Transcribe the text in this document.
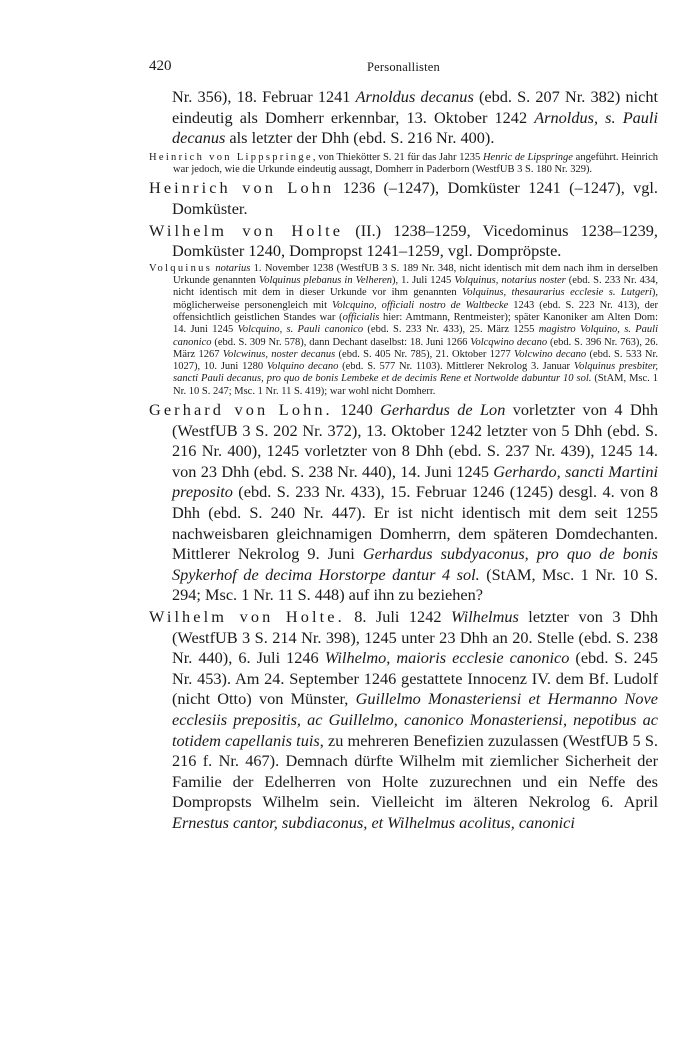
420	Personallisten

Nr. 356), 18. Februar 1241 Arnoldus decanus (ebd. S. 207 Nr. 382) nicht eindeutig als Domherr erkennbar, 13. Oktober 1242 Arnoldus, s. Pauli decanus als letzter der Dhh (ebd. S. 216 Nr. 400).

Heinrich von Lippspringe, von Thiekötter S. 21 für das Jahr 1235 Henric de Lipspringe angeführt. Heinrich war jedoch, wie die Urkunde eindeutig aussagt, Domherr in Paderborn (WestfUB 3 S. 180 Nr. 329).

Heinrich von Lohn 1236 (–1247), Domküster 1241 (–1247), vgl. Domküster.

Wilhelm von Holte (II.) 1238–1259, Vicedominus 1238–1239, Domküster 1240, Dompropst 1241–1259, vgl. Dompröpste.

Volquinus notarius 1. November 1238 (WestfUB 3 S. 189 Nr. 348, nicht identisch mit dem nach ihm in derselben Urkunde genannten Volquinus plebanus in Velheren), 1. Juli 1245 Volquinus, notarius noster (ebd. S. 233 Nr. 434, nicht identisch mit dem in dieser Urkunde vor ihm genannten Volquinus, thesaurarius ecclesie s. Lutgeri), möglicherweise personengleich mit Volcquino, officiali nostro de Waltbecke 1243 (ebd. S. 223 Nr. 413), der offensichtlich geistlichen Standes war (officialis hier: Amtmann, Rentmeister); später Kanoniker am Alten Dom: 14. Juni 1245 Volcquino, s. Pauli canonico (ebd. S. 233 Nr. 433), 25. März 1255 magistro Volquino, s. Pauli canonico (ebd. S. 309 Nr. 578), dann Dechant daselbst: 18. Juni 1266 Volcqwino decano (ebd. S. 396 Nr. 763), 26. März 1267 Volcwinus, noster decanus (ebd. S. 405 Nr. 785), 21. Oktober 1277 Volcwino decano (ebd. S. 533 Nr. 1027), 10. Juni 1280 Volquino decano (ebd. S. 577 Nr. 1103). Mittlerer Nekrolog 3. Januar Volquinus presbiter, sancti Pauli decanus, pro quo de bonis Lembeke et de decimis Rene et Nortwolde dabuntur 10 sol. (StAM, Msc. 1 Nr. 10 S. 247; Msc. 1 Nr. 11 S. 419); war wohl nicht Domherr.

Gerhard von Lohn. 1240 Gerhardus de Lon vorletzter von 4 Dhh (WestfUB 3 S. 202 Nr. 372), 13. Oktober 1242 letzter von 5 Dhh (ebd. S. 216 Nr. 400), 1245 vorletzter von 8 Dhh (ebd. S. 237 Nr. 439), 1245 14. von 23 Dhh (ebd. S. 238 Nr. 440), 14. Juni 1245 Gerhardo, sancti Martini preposito (ebd. S. 233 Nr. 433), 15. Februar 1246 (1245) desgl. 4. von 8 Dhh (ebd. S. 240 Nr. 447). Er ist nicht identisch mit dem seit 1255 nachweisbaren gleichnamigen Domherrn, dem späteren Domdechanten. Mittlerer Nekrolog 9. Juni Gerhardus subdyaconus, pro quo de bonis Spykerhof de decima Horstorpe dantur 4 sol. (StAM, Msc. 1 Nr. 10 S. 294; Msc. 1 Nr. 11 S. 448) auf ihn zu beziehen?

Wilhelm von Holte. 8. Juli 1242 Wilhelmus letzter von 3 Dhh (WestfUB 3 S. 214 Nr. 398), 1245 unter 23 Dhh an 20. Stelle (ebd. S. 238 Nr. 440), 6. Juli 1246 Wilhelmo, maioris ecclesie canonico (ebd. S. 245 Nr. 453). Am 24. September 1246 gestattete Innocenz IV. dem Bf. Ludolf (nicht Otto) von Münster, Guillelmo Monasteriensi et Hermanno Nove ecclesiis prepositis, ac Guillelmo, canonico Monasteriensi, nepotibus ac totidem capellanis tuis, zu mehreren Benefizien zuzulassen (WestfUB 5 S. 216 f. Nr. 467). Demnach dürfte Wilhelm mit ziemlicher Sicherheit der Familie der Edelherren von Holte zuzurechnen und ein Neffe des Dompropsts Wilhelm sein. Vielleicht im älteren Nekrolog 6. April Ernestus cantor, subdiaconus, et Wilhelmus acolitus, canonici
